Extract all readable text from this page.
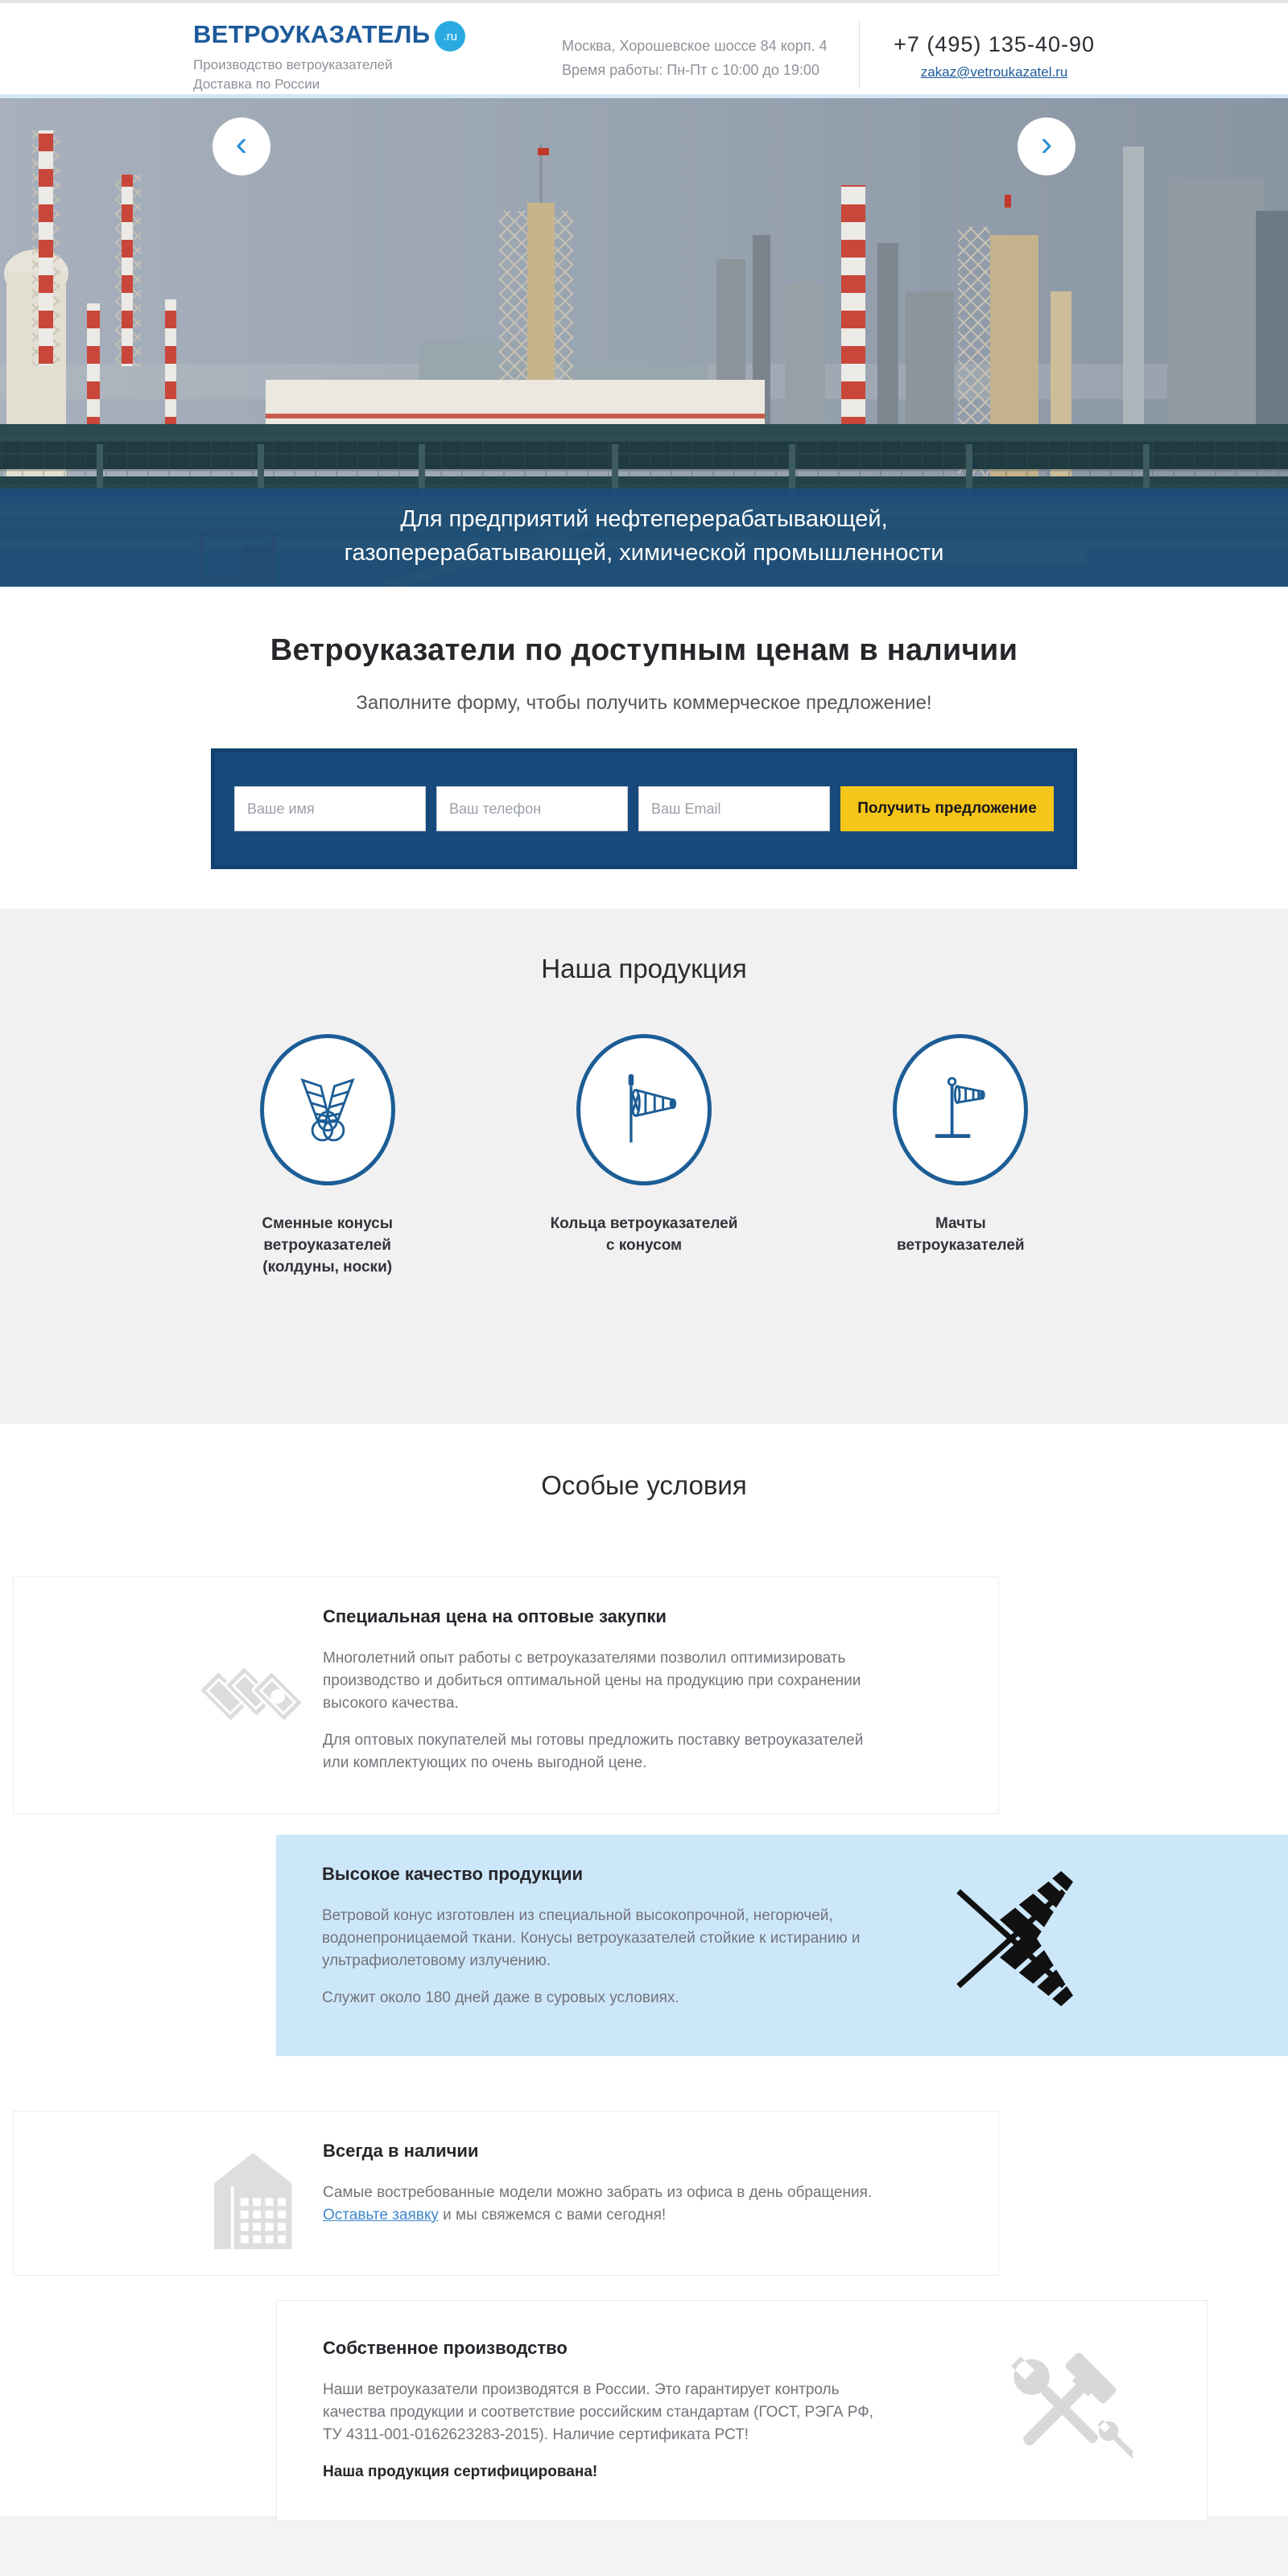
ВЕТРОУКАЗАТЕЛЬ	.ru
Производство ветроуказателей
Доставка по России
Москва, Хорошевское шоссе 84 корп. 4
Время работы: Пн-Пт с 10:00 до 19:00
+7 (495) 135-40-90
zakaz@vetroukazatel.ru
Для предприятий нефтеперерабатывающей,
газоперерабатывающей, химической промышленности
‹	›
Ветроуказатели по доступным ценам в наличии
Заполните форму, чтобы получить коммерческое предложение!
Ваше имя
Ваш телефон
Ваш Email
Получить предложение
Наша продукция
Сменные конусы
ветроуказателей
(колдуны, носки)
Кольца ветроуказателей
с конусом
Мачты
ветроуказателей
Особые условия
Специальная цена на оптовые закупки

Многолетний опыт работы с ветроуказателями позволил оптимизировать производство и добиться оптимальной цены на продукцию при сохранении высокого качества.

Для оптовых покупателей мы готовы предложить поставку ветроуказателей или комплектующих по очень выгодной цене.

Высокое качество продукции

Ветровой конус изготовлен из специальной высокопрочной, негорючей, водонепроницаемой ткани. Конусы ветроуказателей стойкие к истиранию и ультрафиолетовому излучению.

Служит около 180 дней даже в суровых условиях.

Всегда в наличии

Самые востребованные модели можно забрать из офиса в день обращения.
Оставьте заявку и мы свяжемся с вами сегодня!

Собственное производство

Наши ветроуказатели производятся в России. Это гарантирует контроль качества продукции и соответствие российским стандартам (ГОСТ, РЭГА РФ, ТУ 4311-001-0162623283-2015). Наличие сертификата РСТ!

Наша продукция сертифицирована!
